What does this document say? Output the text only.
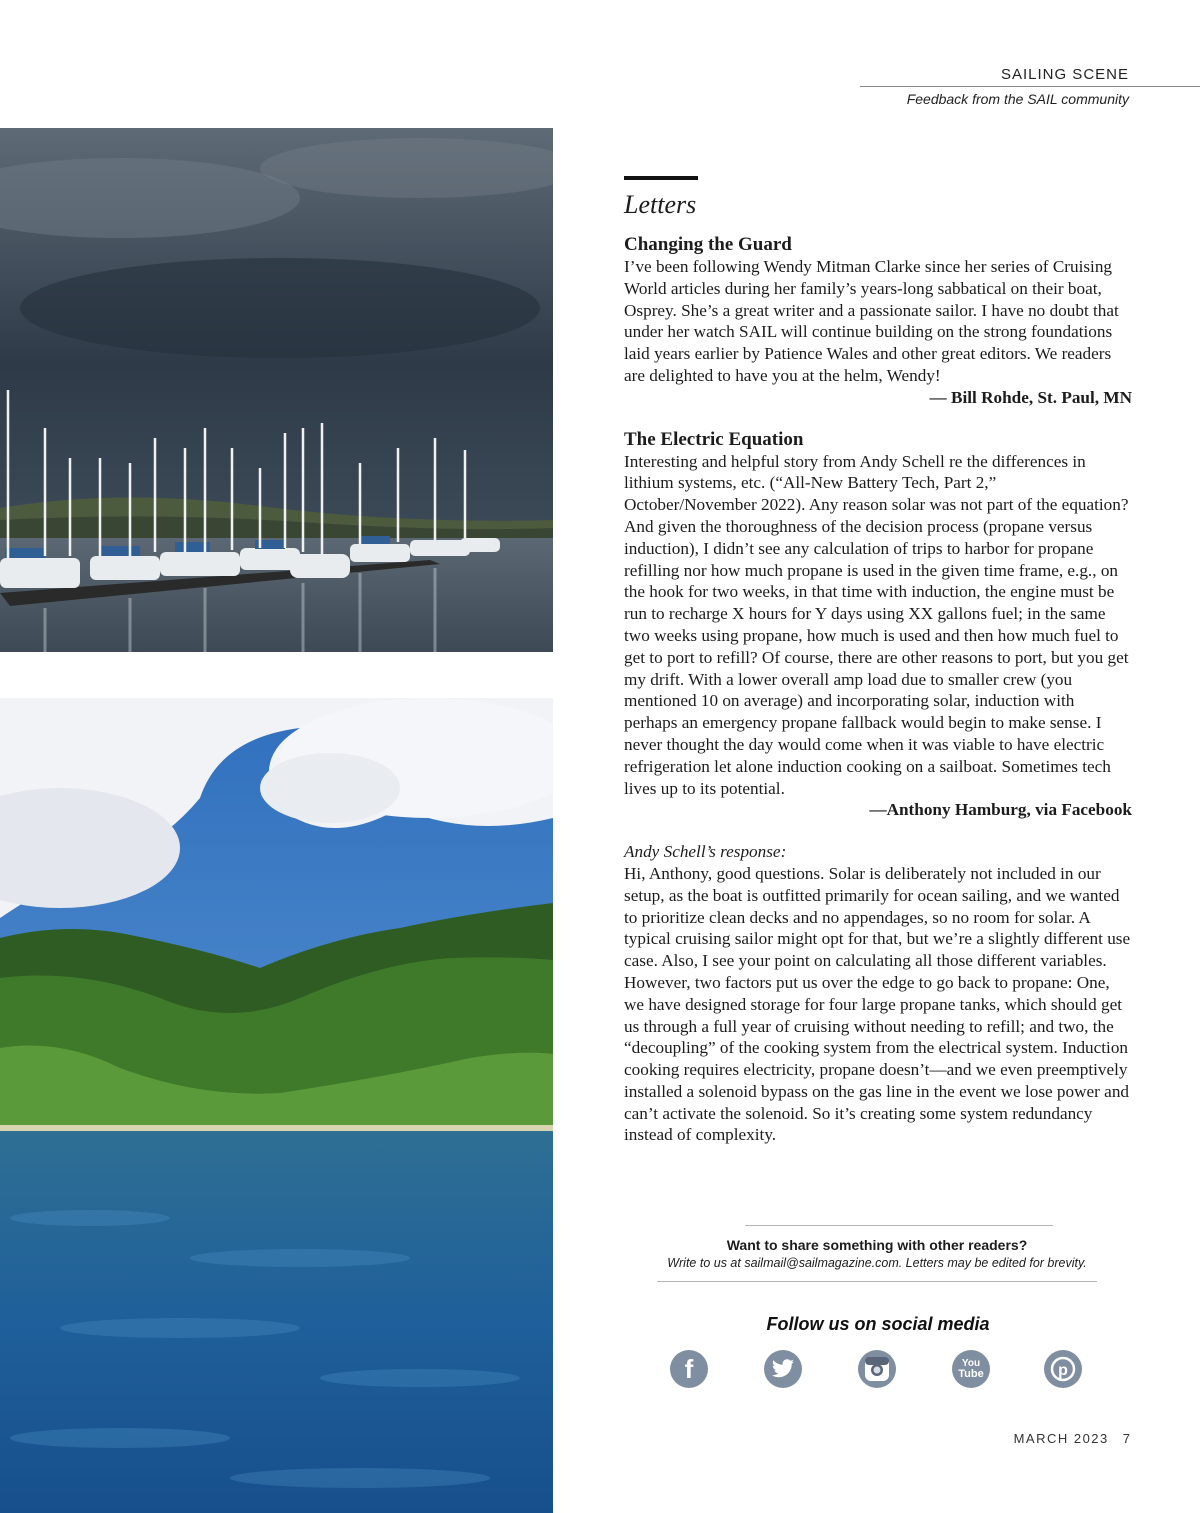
SAILING SCENE
Feedback from the SAIL community
Letters
Changing the Guard

I’ve been following Wendy Mitman Clarke since her series of Cruising World articles during her family’s years-long sabbatical on their boat, Osprey. She’s a great writer and a passionate sailor. I have no doubt that under her watch SAIL will continue building on the strong foundations laid years earlier by Patience Wales and other great editors. We readers are delighted to have you at the helm, Wendy!

— Bill Rohde, St. Paul, MN

The Electric Equation

Interesting and helpful story from Andy Schell re the differences in lithium systems, etc. (“All-New Battery Tech, Part 2,” October/November 2022). Any reason solar was not part of the equation? And given the thoroughness of the decision process (propane versus induction), I didn’t see any calculation of trips to harbor for propane refilling nor how much propane is used in the given time frame, e.g., on the hook for two weeks, in that time with induction, the engine must be run to recharge X hours for Y days using XX gallons fuel; in the same two weeks using propane, how much is used and then how much fuel to get to port to refill? Of course, there are other reasons to port, but you get my drift. With a lower overall amp load due to smaller crew (you mentioned 10 on average) and incorporating solar, induction with perhaps an emergency propane fallback would begin to make sense. I never thought the day would come when it was viable to have electric refrigeration let alone induction cooking on a sailboat. Sometimes tech lives up to its potential.

—Anthony Hamburg, via Facebook

Andy Schell’s response:

Hi, Anthony, good questions. Solar is deliberately not included in our setup, as the boat is outfitted primarily for ocean sailing, and we wanted to prioritize clean decks and no appendages, so no room for solar. A typical cruising sailor might opt for that, but we’re a slightly different use case. Also, I see your point on calculating all those different variables. However, two factors put us over the edge to go back to propane: One, we have designed storage for four large propane tanks, which should get us through a full year of cruising without needing to refill; and two, the “decoupling” of the cooking system from the electrical system. Induction cooking requires electricity, propane doesn’t—and we even preemptively installed a solenoid bypass on the gas line in the event we lose power and can’t activate the solenoid. So it’s creating some system redundancy instead of complexity.

Want to share something with other readers?
Write to us at sailmail@sailmagazine.com. Letters may be edited for brevity.
Follow us on social media
f	You
Tube	p
MARCH 2023 7
